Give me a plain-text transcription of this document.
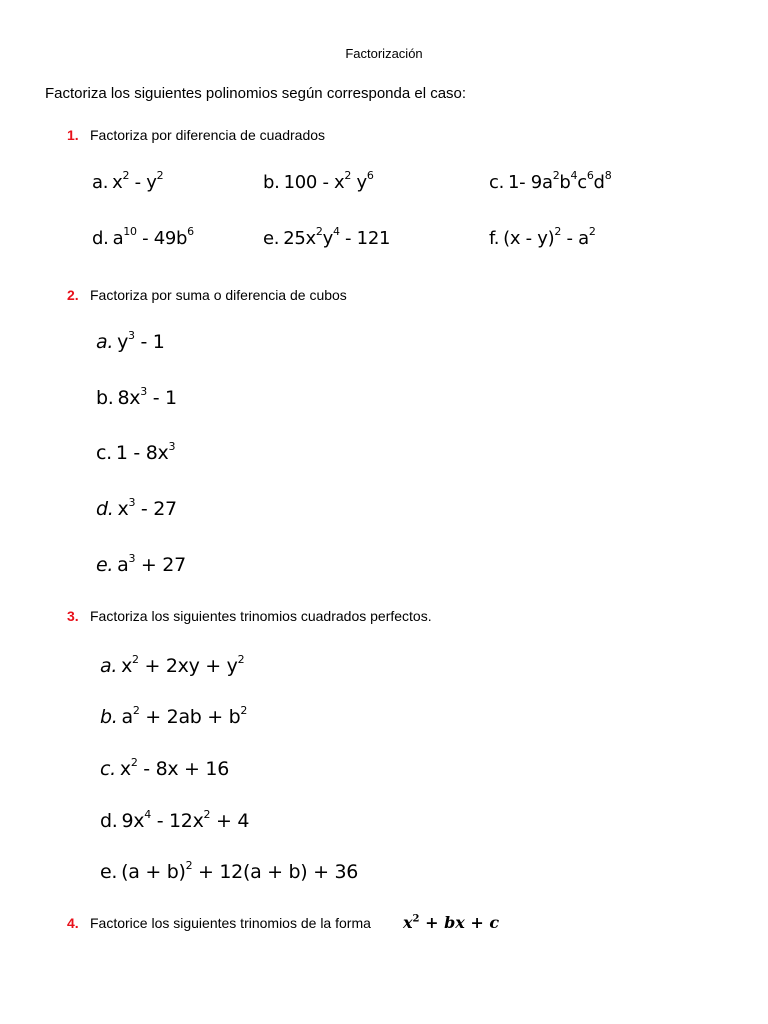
Factorización
Factoriza los siguientes polinomios según corresponda el caso:
1. Factoriza por diferencia de cuadrados
a. $x^2 - y^2$	b. $100 - x^2$ $y^6$	c. 1- $9a^2b^4c^6d^8$
d. $a^{10} - 49b^6$	e. $25x^2y^4 - 121$	f. $(x - y)^2 - a^2$
2. Factoriza por suma o diferencia de cubos
a. $y^3 - 1$
b. $8x^3 - 1$
c. $1 - 8x^3$
d. $x^3 - 27$
e. $a^3 + 27$
3. Factoriza los siguientes trinomios cuadrados perfectos.
a. $x^2 + 2xy + y^2$
b. $a^2 + 2ab + b^2$
c. $x^2 - 8x + 16$
d. $9x^4 - 12x^2 + 4$
e. $(a + b)^2 + 12(a + b) + 36$
4. Factorice los siguientes trinomios de la forma $x^2$ + bx + c
